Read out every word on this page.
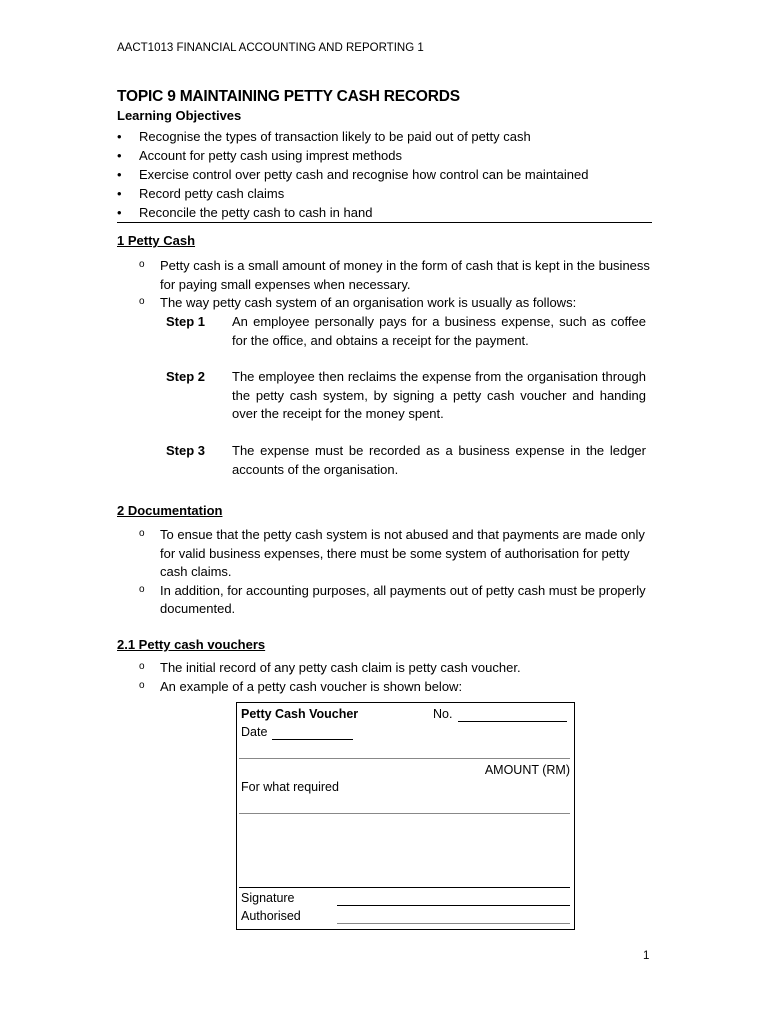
AACT1013 FINANCIAL ACCOUNTING AND REPORTING 1
TOPIC 9 MAINTAINING PETTY CASH RECORDS
Learning Objectives
• Recognise the types of transaction likely to be paid out of petty cash
• Account for petty cash using imprest methods
• Exercise control over petty cash and recognise how control can be maintained
• Record petty cash claims
• Reconcile the petty cash to cash in hand
1 Petty Cash
o Petty cash is a small amount of money in the form of cash that is kept in the business for paying small expenses when necessary.
o The way petty cash system of an organisation work is usually as follows:
Step 1 An employee personally pays for a business expense, such as coffee for the office, and obtains a receipt for the payment.
Step 2 The employee then reclaims the expense from the organisation through the petty cash system, by signing a petty cash voucher and handing over the receipt for the money spent.
Step 3 The expense must be recorded as a business expense in the ledger accounts of the organisation.
2 Documentation
o To ensue that the petty cash system is not abused and that payments are made only for valid business expenses, there must be some system of authorisation for petty cash claims.
o In addition, for accounting purposes, all payments out of petty cash must be properly documented.
2.1 Petty cash vouchers
o The initial record of any petty cash claim is petty cash voucher.
o An example of a petty cash voucher is shown below:
Petty Cash Voucher	No.
Date
AMOUNT (RM)
For what required
Signature
Authorised
1
